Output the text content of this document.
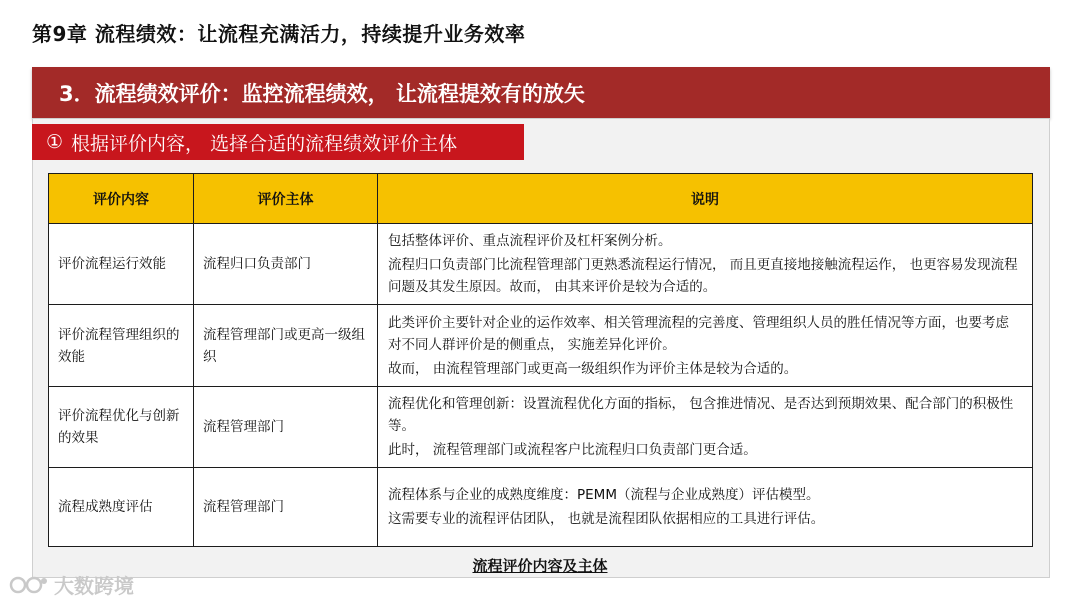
第9章 流程绩效：让流程充满活力，持续提升业务效率
3．流程绩效评价：监控流程绩效， 让流程提效有的放矢
① 根据评价内容， 选择合适的流程绩效评价主体
评价内容	评价主体	说明
评价流程运行效能	流程归口负责部门	包括整体评价、重点流程评价及杠杆案例分析。

流程归口负责部门比流程管理部门更熟悉流程运行情况， 而且更直接地接触流程运作， 也更容易发现流程问题及其发生原因。故而， 由其来评价是较为合适的。

评价流程管理组织的效能	流程管理部门或更高一级组织	此类评价主要针对企业的运作效率、相关管理流程的完善度、管理组织人员的胜任情况等方面，也要考虑对不同人群评价是的侧重点， 实施差异化评价。

故而， 由流程管理部门或更高一级组织作为评价主体是较为合适的。

评价流程优化与创新的效果	流程管理部门	流程优化和管理创新：设置流程优化方面的指标， 包含推进情况、是否达到预期效果、配合部门的积极性等。

此时， 流程管理部门或流程客户比流程归口负责部门更合适。

流程成熟度评估	流程管理部门	流程体系与企业的成熟度维度：PEMM（流程与企业成熟度）评估模型。

这需要专业的流程评估团队， 也就是流程团队依据相应的工具进行评估。

流程评价内容及主体
大数跨境
